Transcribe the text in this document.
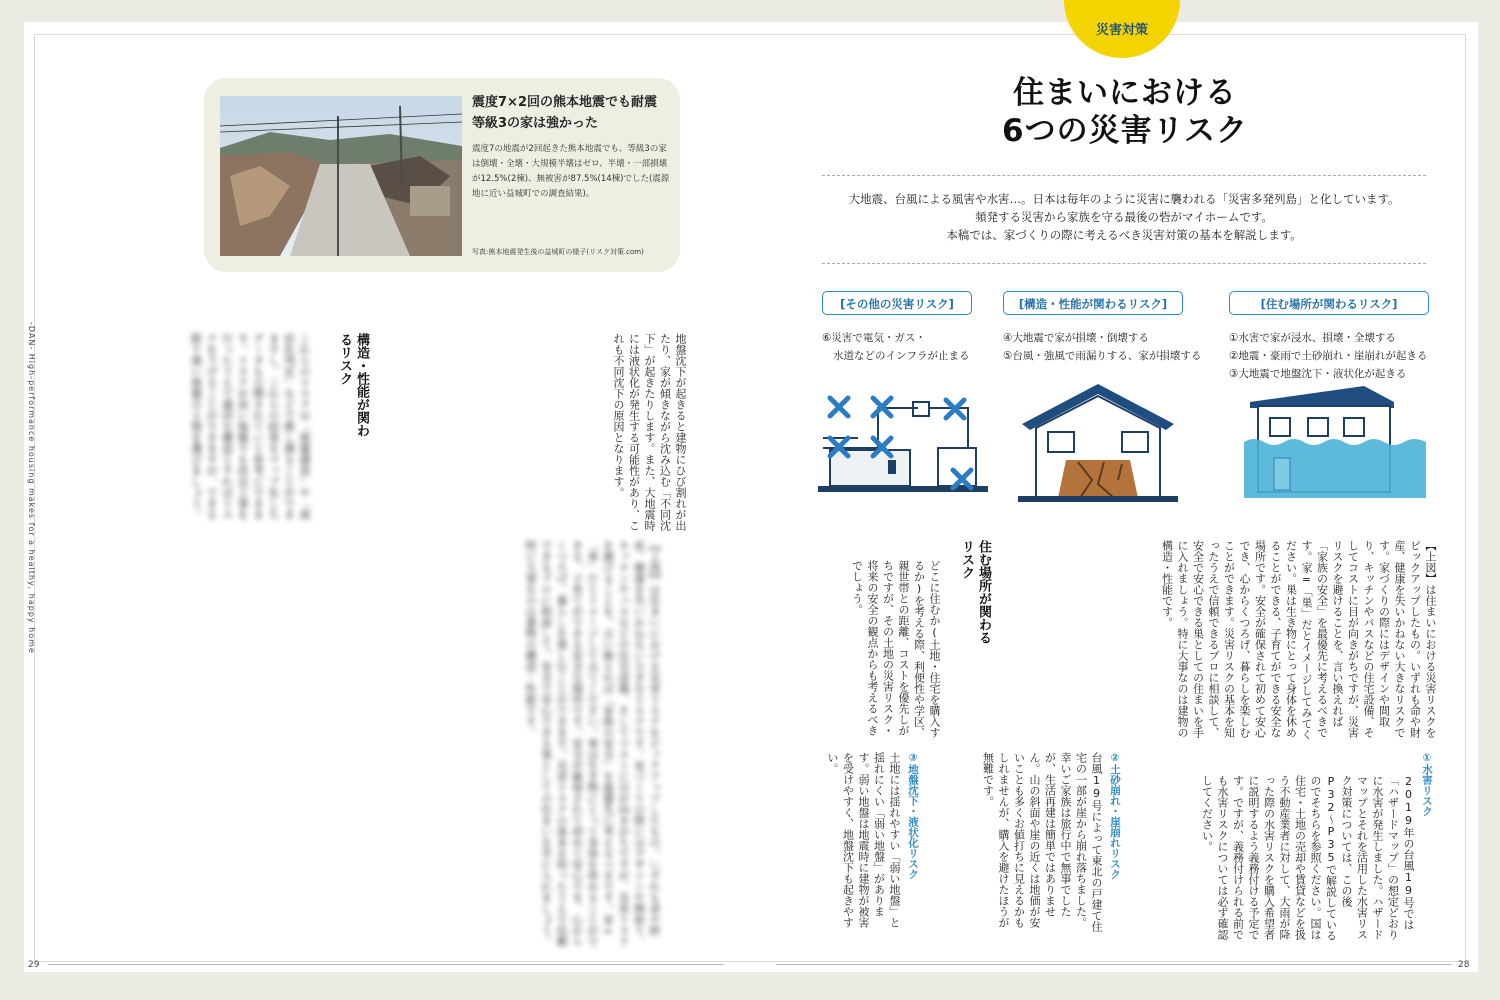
災害対策
住まいにおける
6つの災害リスク
大地震、台風による風害や水害…。日本は毎年のように災害に襲われる「災害多発列島」と化しています。
頻発する災害から家族を守る最後の砦がマイホームです。
本稿では、家づくりの際に考えるべき災害対策の基本を解説します。
[その他の災害リスク]	[構造・性能が関わるリスク]	[住む場所が関わるリスク]
⑥災害で電気・ガス・
水道などのインフラが止まる
④大地震で家が損壊・倒壊する
⑤台風・強風で雨漏りする、家が損壊する
①水害で家が浸水、損壊・全壊する
②地震・豪雨で土砂崩れ・崖崩れが起きる
③大地震で地盤沈下・液状化が起きる
震度7×2回の熊本地震でも耐震等級3の家は強かった
震度7の地震が2回起きた熊本地震でも、等級3の家は倒壊・全壊・大規模半壊はゼロ、半壊・一部損壊が12.5%(2棟)、無被害が87.5%(14棟)でした(震源地に近い益城町での調査結果)。
写真:熊本地震発生後の益城町の様子(リスク対策.com)
地盤沈下が起きると建物にひび割れが出たり、家が傾きながら沈み込む「不同沈下」が起きたりします。また、大地震時には液状化が発生する可能性があり、これも不同沈下の原因となります。
これらのリスクは「地盤調査」や「液状化判定」などで推し測ることができますし、これらの結果をマップ化したデータも公開されていて参考にできます。リスクが高い地盤でも改良工事を行ったうえで適切な構造とすればリスクを下げることができますが、できる限り強い地盤の土地を選びましょう。	構造・性能が関わるリスク
【上図】は住まいにおける災害リスクをピックアップしたもの。いずれも命や財産、健康を失いかねない大きなリスクです。家づくりの際にはデザインや間取り、キッチンやバスなどの住宅設備、そしてコストに目が向きがちですが、災害リスクを避けることを、言い換えれば「家族の安全」を最優先に考えるべきです。家=「巣」だとイメージしてみてください。巣は生き物にとって身体を休めることができる、子育てができる安全な場所です。安全が確保されて初めて安心でき、心からくつろげ、暮らしを楽しむことができます。災害リスクの基本を知ったうえで信頼できるプロに相談して、安全で安心できる巣としての住まいを手に入れましょう。特に大事なのは建物の構造・性能です。	【上図】は住まいにおける災害リスクをピックアップしたもの。いずれも命や財産、健康を失いかねない大きなリスクです。家づくりの際にはデザインや間取り、キッチンやバスなどの住宅設備、そしてコストに目が向きがちですが、災害リスクを避けることを、言い換えれば「家族の安全」を最優先に考えるべきです。家=「巣」だとイメージしてみてください。巣は生き物にとって身体を休めることができる、子育てができる安全な場所です。安全が確保されて初めて安心でき、心からくつろげ、暮らしを楽しむことができます。災害リスクの基本を知ったうえで信頼できるプロに相談して、安全で安心できる巣としての住まいを手に入れましょう。特に大事なのは建物の構造・性能です。
住む場所が関わるリスク
どこに住むか(土地・住宅を購入するか)を考える際、利便性や学区、親世帯との距離、コストを優先しがちですが、その土地の災害リスク・将来の安全の観点からも考えるべきでしょう。
①水害リスク
2019年の台風19号では「ハザードマップ」の想定どおりに水害が発生しました。ハザードマップとそれを活用した水害リスク対策については、この後P32〜P35で解説しているのでそちらを参照ください。国は住宅・土地の売却や賃貸などを扱う不動産業者に対して、大雨が降った際の水害リスクを購入希望者に説明するよう義務付ける予定です。ですが、義務付けられる前でも水害リスクについては必ず確認してください。
②土砂崩れ・崖崩れリスク
台風19号によって東北の戸建て住宅の一部が崖から崩れ落ちました。幸いご家族は旅行中で無事でしたが、生活再建は簡単ではありません。山の斜面や崖の近くは地価が安いことも多くお値打ちに見えるかもしれませんが、購入を避けたほうが無難です。
③地盤沈下・液状化リスク
土地には揺れやすい「弱い地盤」と揺れにくい「弱い地盤」があります。弱い地盤は地震時に建物が被害を受けやすく、地盤沈下も起きやすい。
-DAN- High-performance housing makes for a healthy, happy home
29	28
